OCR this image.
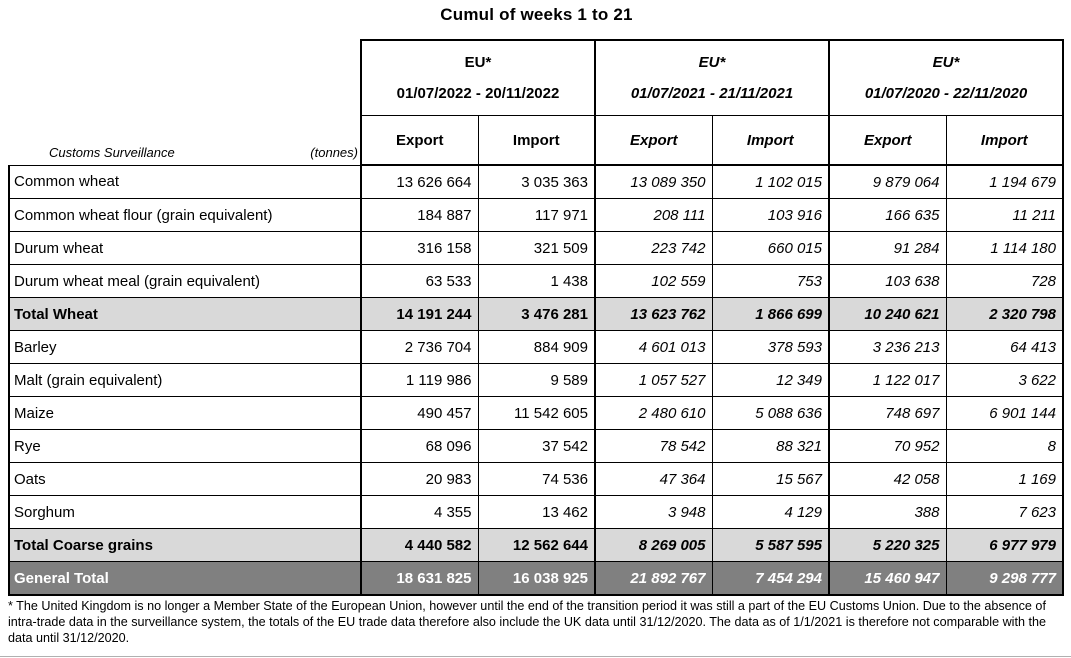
Cumul of weeks 1 to 21
Customs Surveillance (tonnes)	EU*
01/07/2022 - 20/11/2022		EU*
01/07/2021 - 21/11/2021		EU*
01/07/2020 - 22/11/2020	

	Export	Import	Export	Import	Export	Import
Common wheat	13 626 664	3 035 363	13 089 350	1 102 015	9 879 064	1 194 679
Common wheat flour (grain equivalent)	184 887	117 971	208 111	103 916	166 635	11 211
Durum wheat	316 158	321 509	223 742	660 015	91 284	1 114 180
Durum wheat meal (grain equivalent)	63 533	1 438	102 559	753	103 638	728
Total Wheat	14 191 244	3 476 281	13 623 762	1 866 699	10 240 621	2 320 798
Barley	2 736 704	884 909	4 601 013	378 593	3 236 213	64 413
Malt (grain equivalent)	1 119 986	9 589	1 057 527	12 349	1 122 017	3 622
Maize	490 457	11 542 605	2 480 610	5 088 636	748 697	6 901 144
Rye	68 096	37 542	78 542	88 321	70 952	8
Oats	20 983	74 536	47 364	15 567	42 058	1 169
Sorghum	4 355	13 462	3 948	4 129	388	7 623
Total Coarse grains	4 440 582	12 562 644	8 269 005	5 587 595	5 220 325	6 977 979
General Total	18 631 825	16 038 925	21 892 767	7 454 294	15 460 947	9 298 777
* The United Kingdom is no longer a Member State of the European Union, however until the end of the transition period it was still a part of the EU Customs Union. Due to the absence of intra-trade data in the surveillance system, the totals of the EU trade data therefore also include the UK data until 31/12/2020. The data as of 1/1/2021 is therefore not comparable with the data until 31/12/2020.
